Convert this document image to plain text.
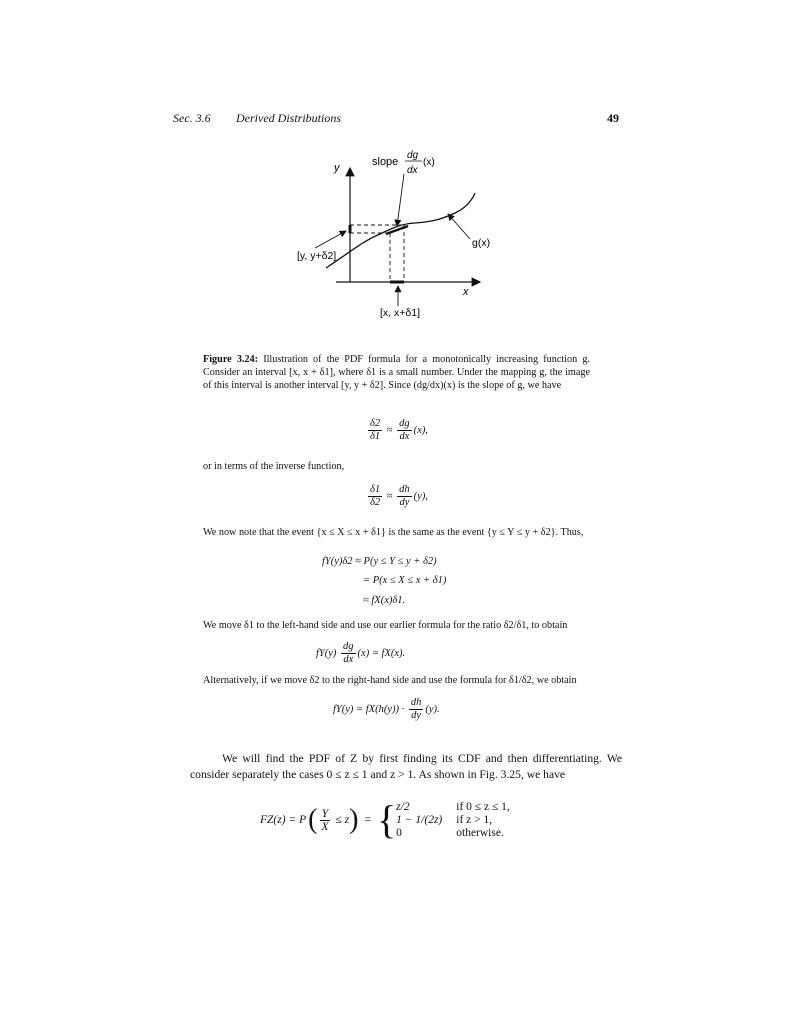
Sec. 3.6 Derived Distributions	49
y
x
slope
dg
dx
(x)
g(x)
[y, y+δ2]
[x, x+δ1]
Figure 3.24: Illustration of the PDF formula for a monotonically increasing function g. Consider an interval [x, x + δ1], where δ1 is a small number. Under the mapping g, the image of this interval is another interval [y, y + δ2]. Since (dg/dx)(x) is the slope of g, we have
$\frac{\delta 2}{\delta 1} \approx \frac{dg}{dx} (x)$,
or in terms of the inverse function,
$\frac{\delta 1}{\delta 2} \approx \frac{dh}{dy} (y)$,
We now note that the event {x ≤ X ≤ x + δ1} is the same as the event {y ≤ Y ≤ y + δ2}. Thus,
fY(y)δ2 ≈ P(y ≤ Y ≤ y + δ2)
= P(x ≤ X ≤ x + δ1)
≈ fX(x)δ1.
We move δ1 to the left-hand side and use our earlier formula for the ratio δ2/δ1, to obtain
$fY(y) \frac{dg}{dx} (x) = fX(x)$.
Alternatively, if we move δ2 to the right-hand side and use the formula for δ1/δ2, we obtain
$fY(y) = fX(h(y)) \cdot \frac{dh}{dy} (y)$.
We will find the PDF of Z by first finding its CDF and then differentiating. We consider separately the cases 0 ≤ z ≤ 1 and z > 1. As shown in Fig. 3.25, we have
FZ(z) = P ( $\frac{Y}{X} \le z$ ) = { z/2	if 0 ≤ z ≤ 1,
1 − 1/(2z) if z > 1,
0	otherwise.
